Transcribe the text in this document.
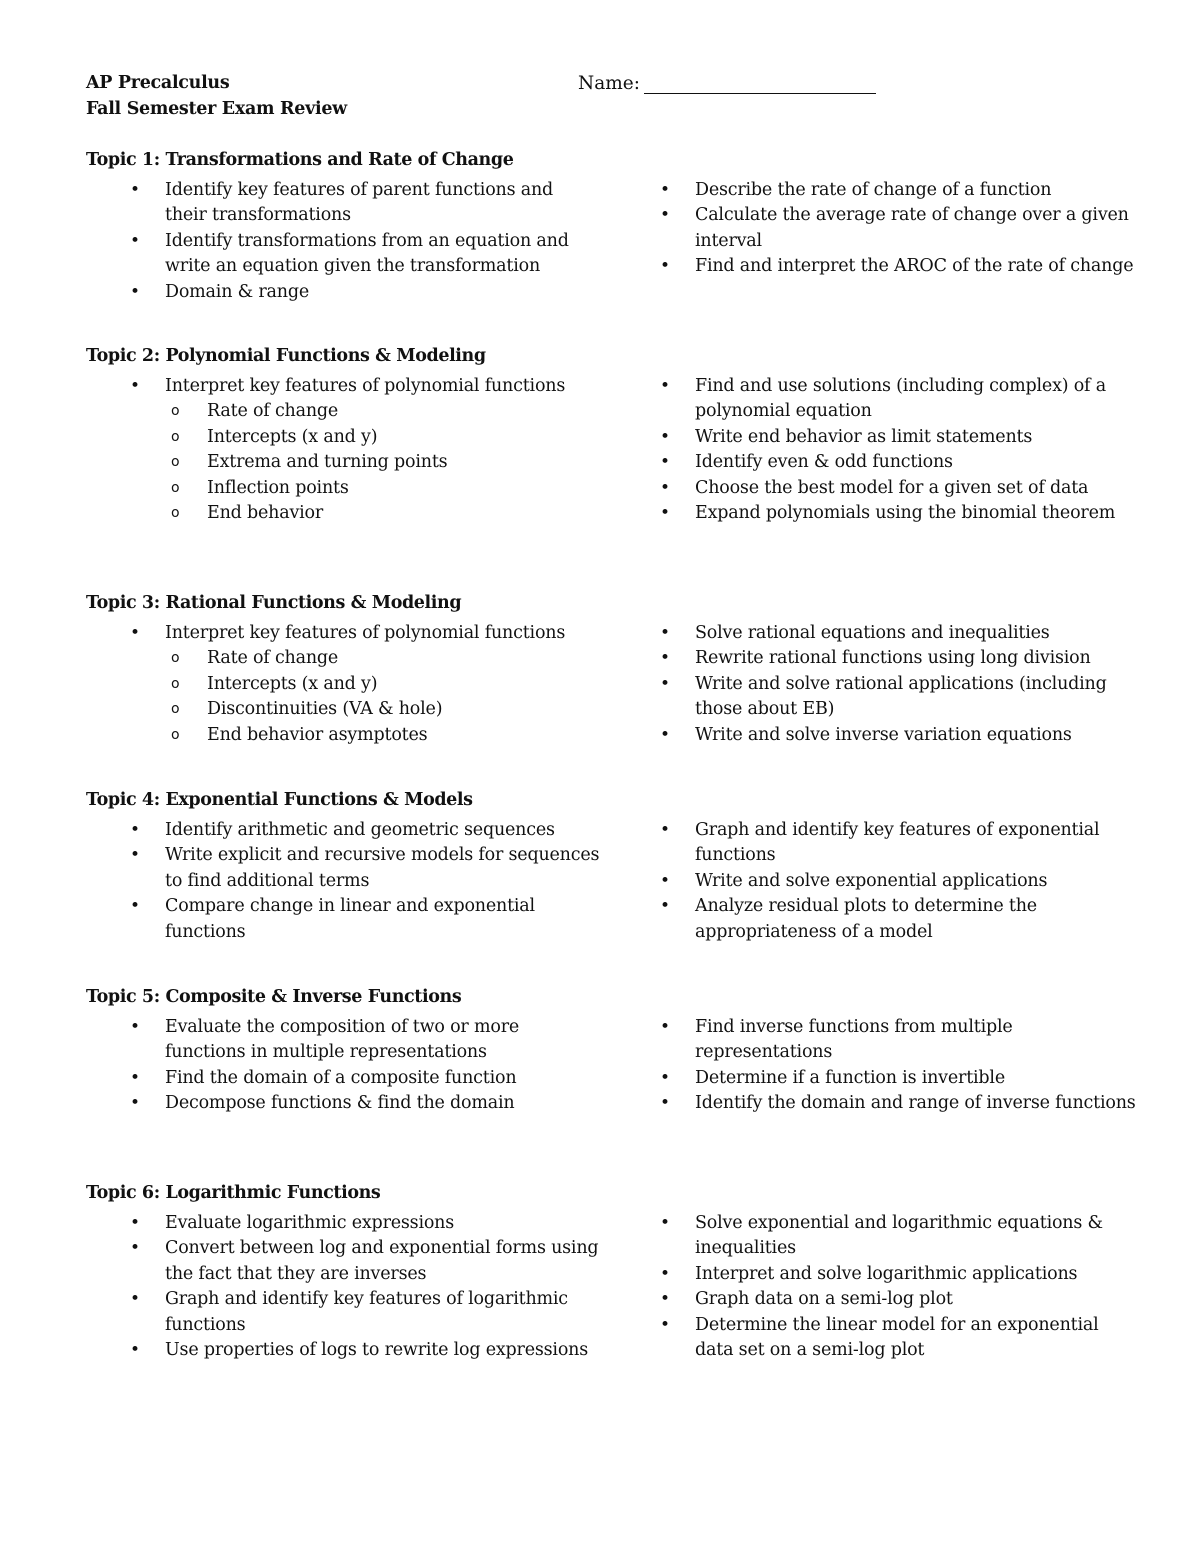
AP Precalculus
Fall Semester Exam Review
Name:
Topic 1: Transformations and Rate of Change
• Identify key features of parent functions and their transformations
• Identify transformations from an equation and write an equation given the transformation
• Domain & range
• Describe the rate of change of a function
• Calculate the average rate of change over a given interval
• Find and interpret the AROC of the rate of change
Topic 2: Polynomial Functions & Modeling
• Interpret key features of polynomial functions
o Rate of change
o Intercepts (x and y)
o Extrema and turning points
o Inflection points
o End behavior
• Find and use solutions (including complex) of a polynomial equation
• Write end behavior as limit statements
• Identify even & odd functions
• Choose the best model for a given set of data
• Expand polynomials using the binomial theorem
Topic 3: Rational Functions & Modeling
• Interpret key features of polynomial functions
o Rate of change
o Intercepts (x and y)
o Discontinuities (VA & hole)
o End behavior asymptotes
• Solve rational equations and inequalities
• Rewrite rational functions using long division
• Write and solve rational applications (including those about EB)
• Write and solve inverse variation equations
Topic 4: Exponential Functions & Models
• Identify arithmetic and geometric sequences
• Write explicit and recursive models for sequences to find additional terms
• Compare change in linear and exponential functions
• Graph and identify key features of exponential functions
• Write and solve exponential applications
• Analyze residual plots to determine the appropriateness of a model
Topic 5: Composite & Inverse Functions
• Evaluate the composition of two or more functions in multiple representations
• Find the domain of a composite function
• Decompose functions & find the domain
• Find inverse functions from multiple representations
• Determine if a function is invertible
• Identify the domain and range of inverse functions
Topic 6: Logarithmic Functions
• Evaluate logarithmic expressions
• Convert between log and exponential forms using the fact that they are inverses
• Graph and identify key features of logarithmic functions
• Use properties of logs to rewrite log expressions
• Solve exponential and logarithmic equations & inequalities
• Interpret and solve logarithmic applications
• Graph data on a semi-log plot
• Determine the linear model for an exponential data set on a semi-log plot
